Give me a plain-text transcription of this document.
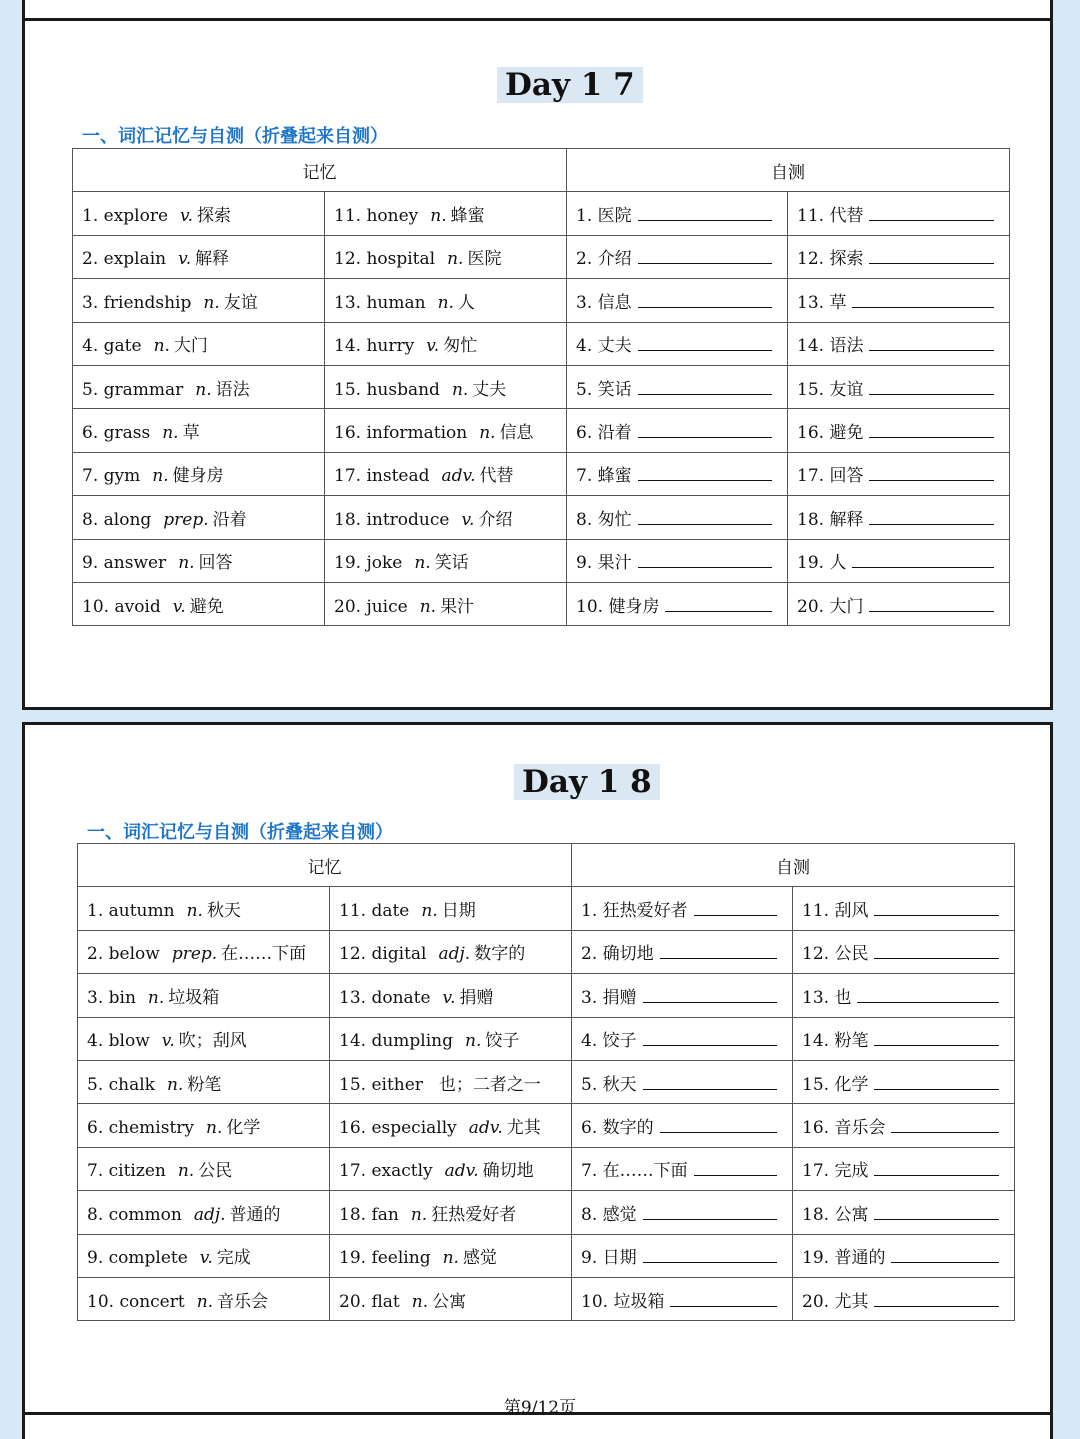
Day 1 7
一、词汇记忆与自测（折叠起来自测）
记忆		自测	
1. explore v. 探索	11. honey n. 蜂蜜	1. 医院	11. 代替
2. explain v. 解释	12. hospital n. 医院	2. 介绍	12. 探索
3. friendship n. 友谊	13. human n. 人	3. 信息	13. 草
4. gate n. 大门	14. hurry v. 匆忙	4. 丈夫	14. 语法
5. grammar n. 语法	15. husband n. 丈夫	5. 笑话	15. 友谊
6. grass n. 草	16. information n. 信息	6. 沿着	16. 避免
7. gym n. 健身房	17. instead adv. 代替	7. 蜂蜜	17. 回答
8. along prep. 沿着	18. introduce v. 介绍	8. 匆忙	18. 解释
9. answer n. 回答	19. joke n. 笑话	9. 果汁	19. 人
10. avoid v. 避免	20. juice n. 果汁	10. 健身房	20. 大门
Day 1 8
一、词汇记忆与自测（折叠起来自测）
记忆		自测	
1. autumn n. 秋天	11. date n. 日期	1. 狂热爱好者	11. 刮风
2. below prep. 在……下面	12. digital adj. 数字的	2. 确切地	12. 公民
3. bin n. 垃圾箱	13. donate v. 捐赠	3. 捐赠	13. 也
4. blow v. 吹；刮风	14. dumpling n. 饺子	4. 饺子	14. 粉笔
5. chalk n. 粉笔	15. either 也；二者之一	5. 秋天	15. 化学
6. chemistry n. 化学	16. especially adv. 尤其	6. 数字的	16. 音乐会
7. citizen n. 公民	17. exactly adv. 确切地	7. 在……下面	17. 完成
8. common adj. 普通的	18. fan n. 狂热爱好者	8. 感觉	18. 公寓
9. complete v. 完成	19. feeling n. 感觉	9. 日期	19. 普通的
10. concert n. 音乐会	20. flat n. 公寓	10. 垃圾箱	20. 尤其
第9/12页
